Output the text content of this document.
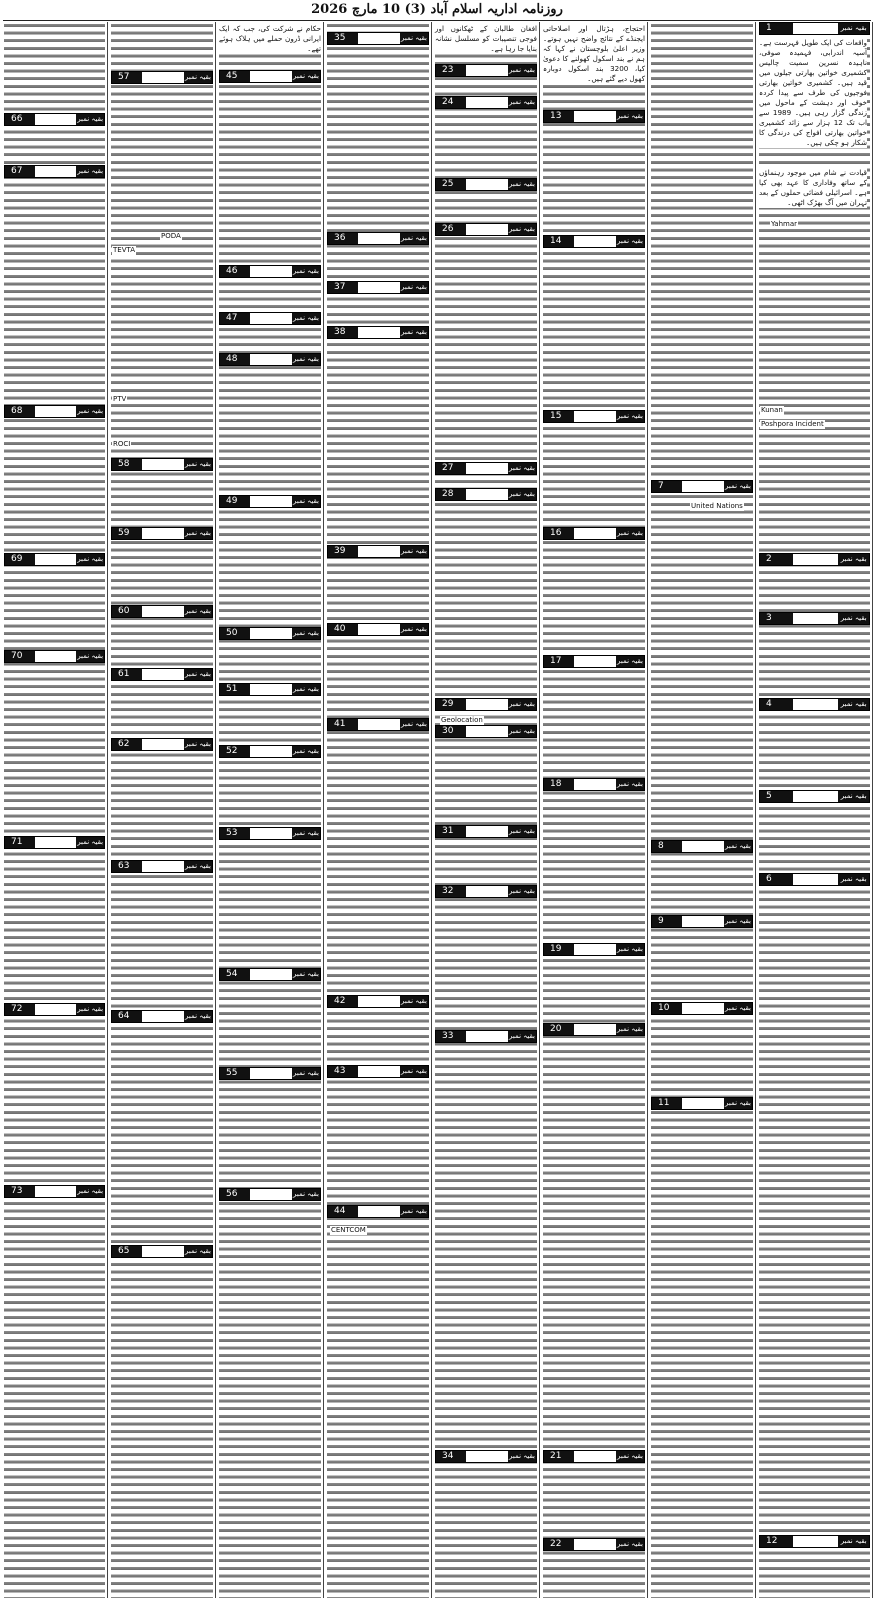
روزنامہ اداریہ اسلام آباد (3) 10 مارچ 2026
1	بقیہ نمبر
2	بقیہ نمبر
3	بقیہ نمبر
4	بقیہ نمبر
5	بقیہ نمبر
6	بقیہ نمبر
12	بقیہ نمبر
7	بقیہ نمبر
8	بقیہ نمبر
9	بقیہ نمبر
10	بقیہ نمبر
11	بقیہ نمبر
13	بقیہ نمبر
14	بقیہ نمبر
15	بقیہ نمبر
16	بقیہ نمبر
17	بقیہ نمبر
18	بقیہ نمبر
19	بقیہ نمبر
20	بقیہ نمبر
21	بقیہ نمبر
22	بقیہ نمبر
23	بقیہ نمبر
24	بقیہ نمبر
25	بقیہ نمبر
26	بقیہ نمبر
27	بقیہ نمبر
28	بقیہ نمبر
29	بقیہ نمبر
30	بقیہ نمبر
31	بقیہ نمبر
32	بقیہ نمبر
33	بقیہ نمبر
34	بقیہ نمبر
35	بقیہ نمبر
36	بقیہ نمبر
37	بقیہ نمبر
38	بقیہ نمبر
39	بقیہ نمبر
40	بقیہ نمبر
41	بقیہ نمبر
42	بقیہ نمبر
43	بقیہ نمبر
44	بقیہ نمبر
45	بقیہ نمبر
46	بقیہ نمبر
47	بقیہ نمبر
48	بقیہ نمبر
49	بقیہ نمبر
50	بقیہ نمبر
51	بقیہ نمبر
52	بقیہ نمبر
53	بقیہ نمبر
54	بقیہ نمبر
55	بقیہ نمبر
56	بقیہ نمبر
57	بقیہ نمبر
58	بقیہ نمبر
59	بقیہ نمبر
60	بقیہ نمبر
61	بقیہ نمبر
62	بقیہ نمبر
63	بقیہ نمبر
64	بقیہ نمبر
65	بقیہ نمبر
66	بقیہ نمبر
67	بقیہ نمبر
68	بقیہ نمبر
69	بقیہ نمبر
70	بقیہ نمبر
71	بقیہ نمبر
72	بقیہ نمبر
73	بقیہ نمبر
واقعات کی ایک طویل فہرست ہے۔ آسیہ اندرابی، فہمیدہ صوفی، ناہیدہ نسرین سمیت چالیس کشمیری خواتین بھارتی جیلوں میں قید ہیں۔ کشمیری خواتین بھارتی فوجیوں کی طرف سے پیدا کردہ خوف اور دہشت کے ماحول میں زندگی گزار رہی ہیں۔ 1989 سے اب تک 12 ہزار سے زائد کشمیری خواتین بھارتی افواج کی درندگی کا شکار ہو چکی ہیں۔
قیادت نے شام میں موجود رہنماؤں کے ساتھ وفاداری کا عہد بھی کیا ہے۔ اسرائیلی فضائی حملوں کے بعد تہران میں آگ بھڑک اٹھی۔
احتجاج، ہڑتال اور اصلاحاتی ایجنڈے کے نتائج واضح نہیں ہوتے۔ وزیر اعلیٰ بلوچستان نے کہا کہ ہم نے بند اسکول کھولنے کا دعویٰ کیا، 3200 بند اسکول دوبارہ کھول دیے گئے ہیں۔
افغان طالبان کے ٹھکانوں اور فوجی تنصیبات کو مسلسل نشانہ بنایا جا رہا ہے۔
حکام نے شرکت کی، جب کہ ایک ایرانی ڈرون حملے میں ہلاک ہوئے تھے۔
Yahmar
Kunan
Poshpora Incident
United Nations
Geolocation
CENTCOM
TEVTA
PODA
PTV
ROCI
